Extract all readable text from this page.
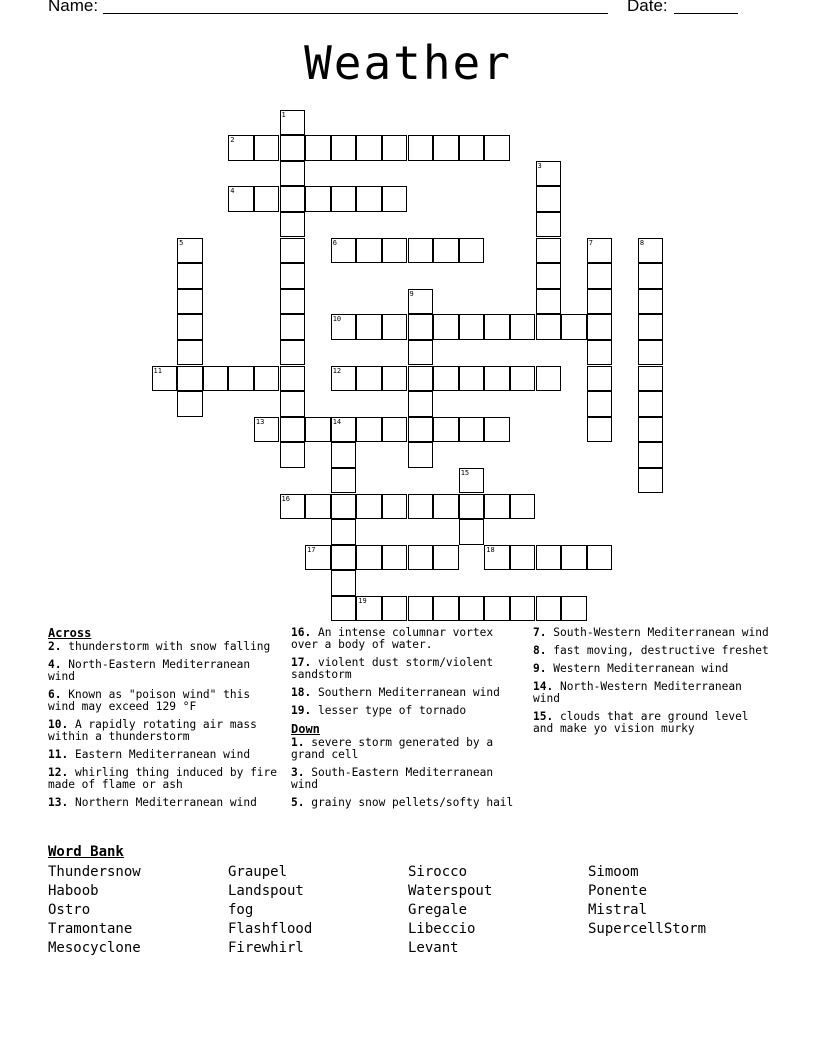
Name:	Date:
Weather
1
2
3
4
5	6	7	8
9
10
11	12
13	14
15
16
17	18
19
Across
2. thunderstorm with snow falling
4. North-Eastern Mediterranean wind
6. Known as "poison wind" this wind may exceed 129 °F
10. A rapidly rotating air mass within a thunderstorm
11. Eastern Mediterranean wind
12. whirling thing induced by fire made of flame or ash
13. Northern Mediterranean wind
16. An intense columnar vortex over a body of water.
17. violent dust storm/violent sandstorm
18. Southern Mediterranean wind
19. lesser type of tornado
Down
1. severe storm generated by a grand cell
3. South-Eastern Mediterranean wind
5. grainy snow pellets/softy hail
7. South-Western Mediterranean wind
8. fast moving, destructive freshet
9. Western Mediterranean wind
14. North-Western Mediterranean wind
15. clouds that are ground level and make yo vision murky
Word Bank
Thundersnow	Graupel	Sirocco	Simoom
Haboob	Landspout	Waterspout	Ponente
Ostro	fog	Gregale	Mistral
Tramontane	Flashflood	Libeccio	SupercellStorm
Mesocyclone	Firewhirl	Levant
